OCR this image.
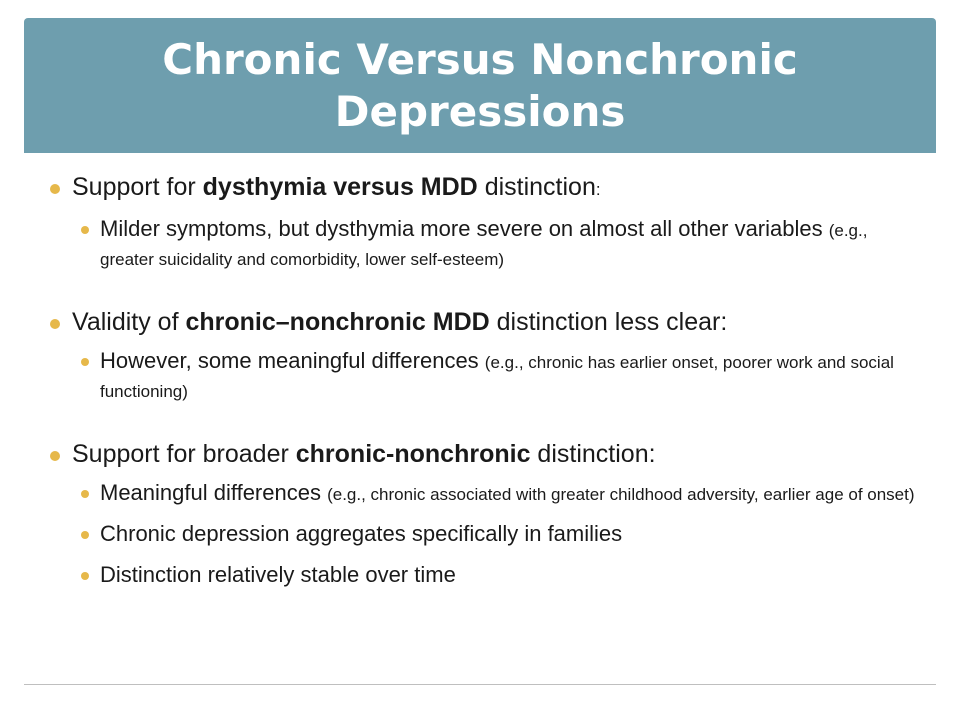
Chronic Versus Nonchronic Depressions
Support for dysthymia versus MDD distinction:
Milder symptoms, but dysthymia more severe on almost all other variables (e.g., greater suicidality and comorbidity, lower self-esteem)
Validity of chronic–nonchronic MDD distinction less clear:
However, some meaningful differences (e.g., chronic has earlier onset, poorer work and social functioning)
Support for broader chronic-nonchronic distinction:
Meaningful differences (e.g., chronic associated with greater childhood adversity, earlier age of onset)
Chronic depression aggregates specifically in families
Distinction relatively stable over time
